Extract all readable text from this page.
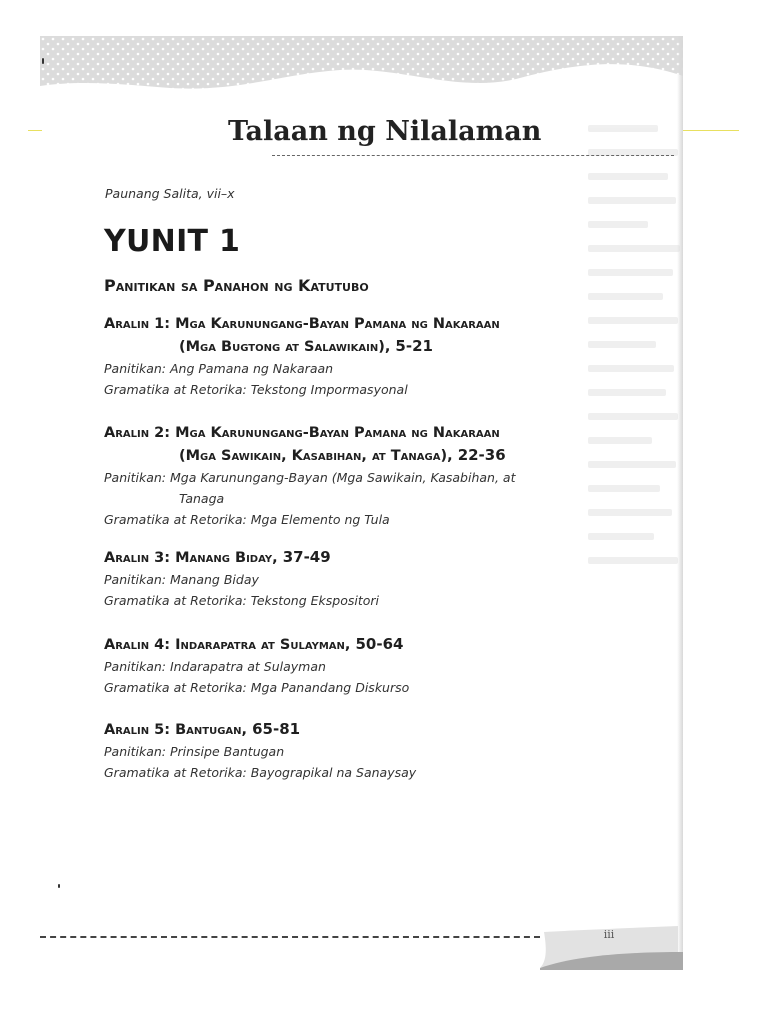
iii
Talaan ng Nilalaman
Paunang Salita, vii–x
YUNIT 1
Panitikan sa Panahon ng Katutubo
Aralin 1: Mga Karunungang-Bayan Pamana ng Nakaraan
(Mga Bugtong at Salawikain), 5-21
Panitikan: Ang Pamana ng Nakaraan
Gramatika at Retorika: Tekstong Impormasyonal
Aralin 2: Mga Karunungang-Bayan Pamana ng Nakaraan
(Mga Sawikain, Kasabihan, at Tanaga), 22-36
Panitikan: Mga Karunungang-Bayan (Mga Sawikain, Kasabihan, at
Tanaga
Gramatika at Retorika: Mga Elemento ng Tula
Aralin 3: Manang Biday, 37-49
Panitikan: Manang Biday
Gramatika at Retorika: Tekstong Ekspositori
Aralin 4: Indarapatra at Sulayman, 50-64
Panitikan: Indarapatra at Sulayman
Gramatika at Retorika: Mga Panandang Diskurso
Aralin 5: Bantugan, 65-81
Panitikan: Prinsipe Bantugan
Gramatika at Retorika: Bayograpikal na Sanaysay
